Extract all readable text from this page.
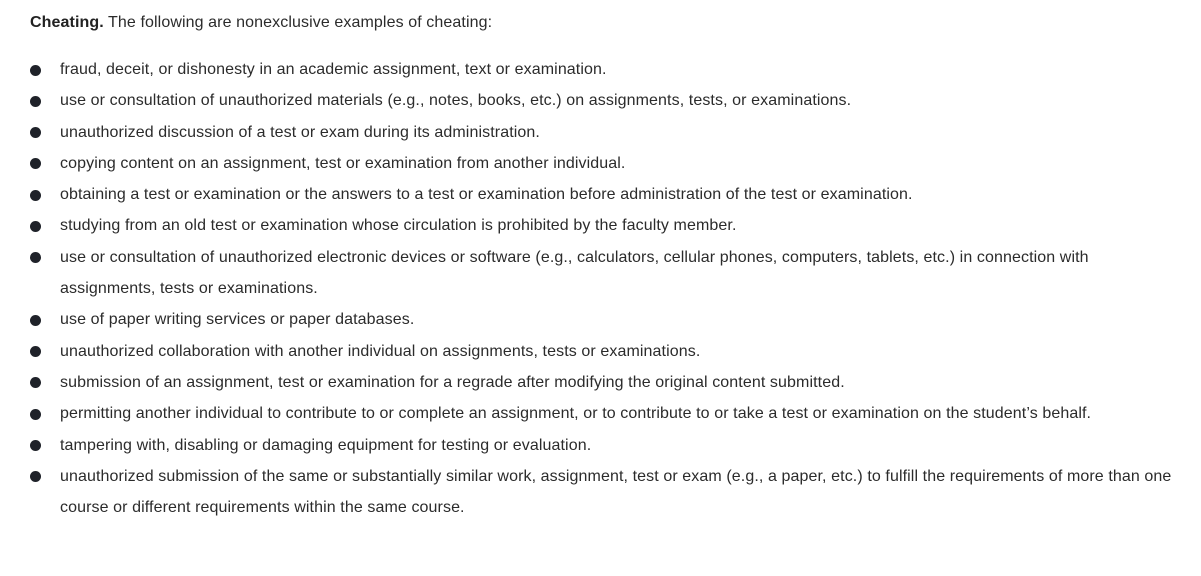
Cheating. The following are nonexclusive examples of cheating:

fraud, deceit, or dishonesty in an academic assignment, text or examination.
use or consultation of unauthorized materials (e.g., notes, books, etc.) on assignments, tests, or examinations.
unauthorized discussion of a test or exam during its administration.
copying content on an assignment, test or examination from another individual.
obtaining a test or examination or the answers to a test or examination before administration of the test or examination.
studying from an old test or examination whose circulation is prohibited by the faculty member.
use or consultation of unauthorized electronic devices or software (e.g., calculators, cellular phones, computers, tablets, etc.) in connection with assignments, tests or examinations.
use of paper writing services or paper databases.
unauthorized collaboration with another individual on assignments, tests or examinations.
submission of an assignment, test or examination for a regrade after modifying the original content submitted.
permitting another individual to contribute to or complete an assignment, or to contribute to or take a test or examination on the student’s behalf.
tampering with, disabling or damaging equipment for testing or evaluation.
unauthorized submission of the same or substantially similar work, assignment, test or exam (e.g., a paper, etc.) to fulfill the requirements of more than one course or different requirements within the same course.
